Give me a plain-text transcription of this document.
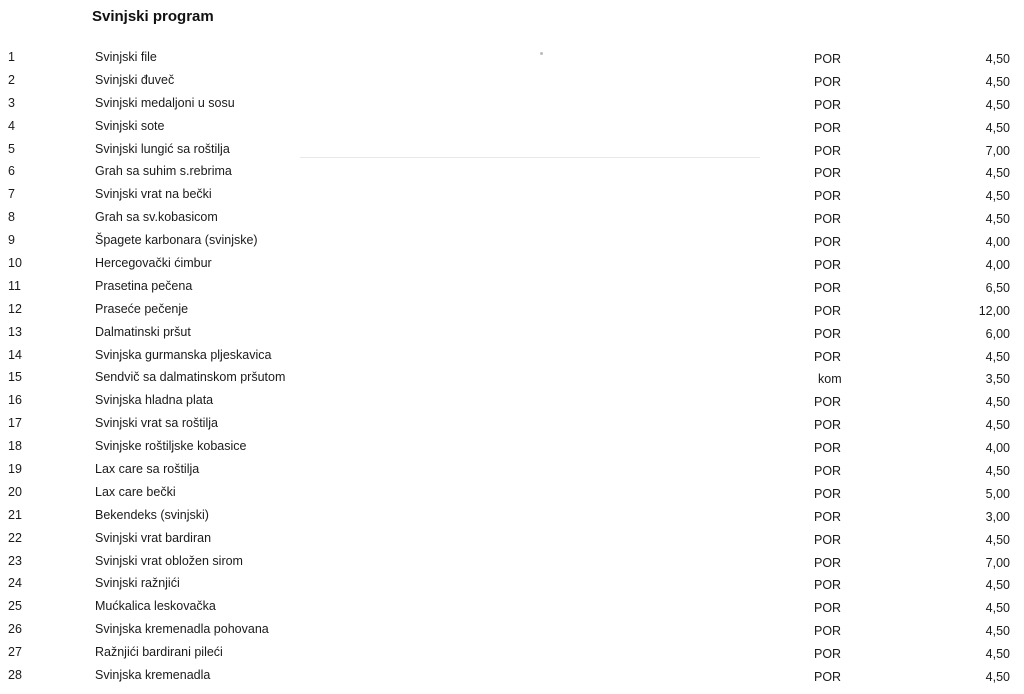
Svinjski program
1	Svinjski file	POR	4,50
2	Svinjski đuveč	POR	4,50
3	Svinjski medaljoni u sosu	POR	4,50
4	Svinjski sote	POR	4,50
5	Svinjski lungić sa roštilja	POR	7,00
6	Grah sa suhim s.rebrima	POR	4,50
7	Svinjski vrat na bečki	POR	4,50
8	Grah sa sv.kobasicom	POR	4,50
9	Špagete karbonara (svinjske)	POR	4,00
10	Hercegovački ćimbur	POR	4,00
11	Prasetina pečena	POR	6,50
12	Praseće pečenje	POR	12,00
13	Dalmatinski pršut	POR	6,00
14	Svinjska gurmanska pljeskavica	POR	4,50
15	Sendvič sa dalmatinskom pršutom	kom	3,50
16	Svinjska hladna plata	POR	4,50
17	Svinjski vrat sa roštilja	POR	4,50
18	Svinjske roštiljske kobasice	POR	4,00
19	Lax care sa roštilja	POR	4,50
20	Lax care bečki	POR	5,00
21	Bekendeks (svinjski)	POR	3,00
22	Svinjski vrat bardiran	POR	4,50
23	Svinjski vrat obložen sirom	POR	7,00
24	Svinjski ražnjići	POR	4,50
25	Mućkalica leskovačka	POR	4,50
26	Svinjska kremenadla pohovana	POR	4,50
27	Ražnjići bardirani pileći	POR	4,50
28	Svinjska kremenadla	POR	4,50
